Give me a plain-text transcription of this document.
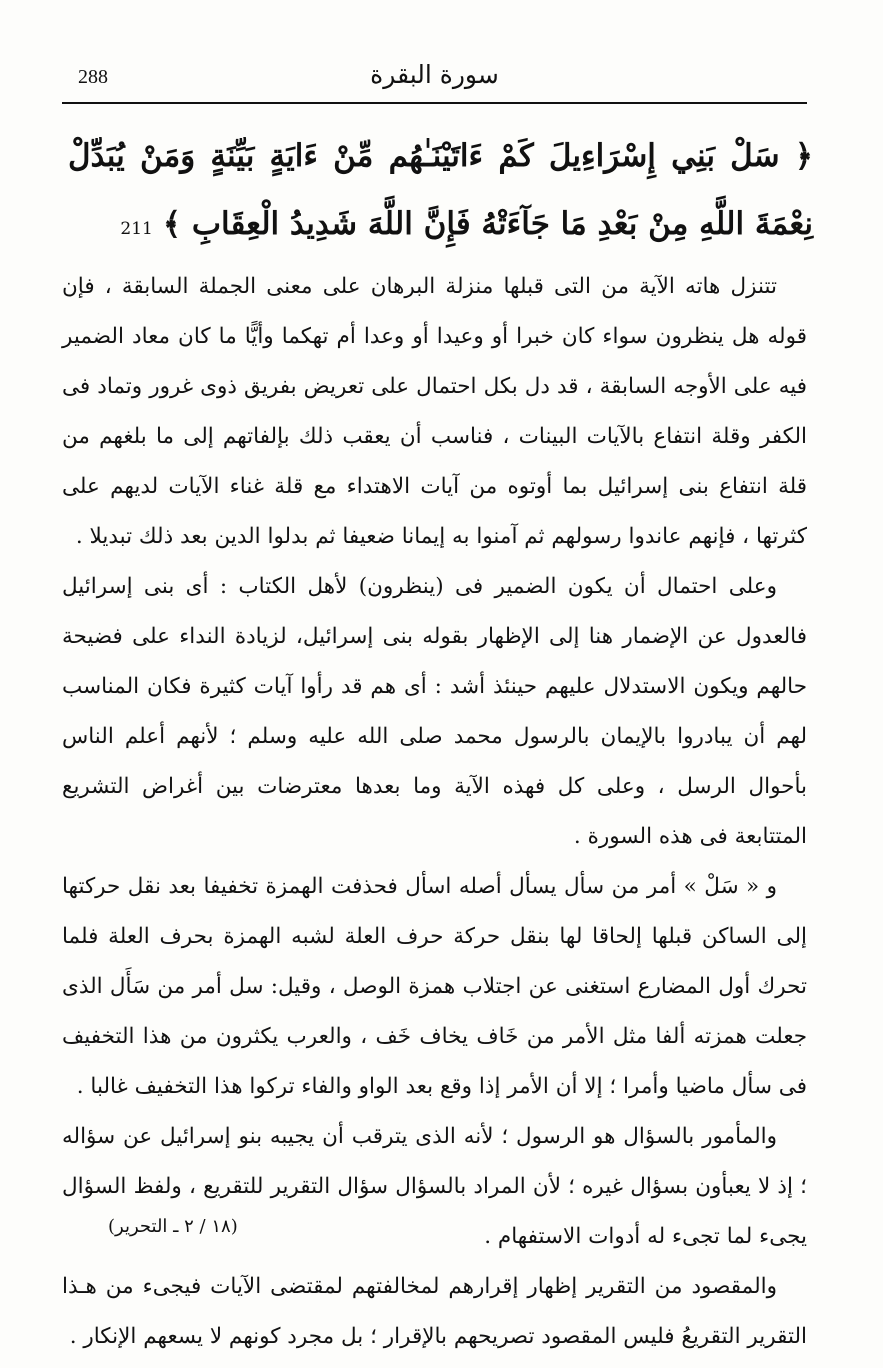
288	سورة البقرة
﴿ سَلْ بَنِي إِسْرَاءِيلَ كَمْ ءَاتَيْنَـٰهُم مِّنْ ءَايَةٍ بَيِّنَةٍ وَمَنْ يُبَدِّلْ نِعْمَةَ اللَّهِ مِنْ بَعْدِ مَا جَآءَتْهُ فَإِنَّ اللَّهَ شَدِيدُ الْعِقَابِ ﴾211

تتنزل هاته الآية من التى قبلها منزلة البرهان على معنى الجملة السابقة ، فإن قوله هل ينظرون سواء كان خبرا أو وعيدا أو وعدا أم تهكما وأيًّا ما كان معاد الضمير فيه على الأوجه السابقة ، قد دل بكل احتمال على تعريض بفريق ذوى غرور وتماد فى الكفر وقلة انتفاع بالآيات البينات ، فناسب أن يعقب ذلك بإلفاتهم إلى ما بلغهم من قلة انتفاع بنى إسرائيل بما أوتوه من آيات الاهتداء مع قلة غناء الآيات لديهم على كثرتها ، فإنهم عاندوا رسولهم ثم آمنوا به إيمانا ضعيفا ثم بدلوا الدين بعد ذلك تبديلا .

وعلى احتمال أن يكون الضمير فى (ينظرون) لأهل الكتاب : أى بنى إسرائيل فالعدول عن الإضمار هنا إلى الإظهار بقوله بنى إسرائيل، لزيادة النداء على فضيحة حالهم ويكون الاستدلال عليهم حينئذ أشد : أى هم قد رأوا آيات كثيرة فكان المناسب لهم أن يبادروا بالإيمان بالرسول محمد صلى الله عليه وسلم ؛ لأنهم أعلم الناس بأحوال الرسل ، وعلى كل فهذه الآية وما بعدها معترضات بين أغراض التشريع المتتابعة فى هذه السورة .

و « سَلْ » أمر من سأل يسأل أصله اسأل فحذفت الهمزة تخفيفا بعد نقل حركتها إلى الساكن قبلها إلحاقا لها بنقل حركة حرف العلة لشبه الهمزة بحرف العلة فلما تحرك أول المضارع استغنى عن اجتلاب همزة الوصل ، وقيل: سل أمر من سَأَل الذى جعلت همزته ألفا مثل الأمر من خَاف يخاف خَف ، والعرب يكثرون من هذا التخفيف فى سأل ماضيا وأمرا ؛ إلا أن الأمر إذا وقع بعد الواو والفاء تركوا هذا التخفيف غالبا .

والمأمور بالسؤال هو الرسول ؛ لأنه الذى يترقب أن يجيبه بنو إسرائيل عن سؤاله ؛ إذ لا يعبأون بسؤال غيره ؛ لأن المراد بالسؤال سؤال التقرير للتقريع ، ولفظ السؤال يجىء لما تجىء له أدوات الاستفهام .

والمقصود من التقرير إظهار إقرارهم لمخالفتهم لمقتضى الآيات فيجىء من هـذا التقرير التقريعُ فليس المقصود تصريحهم بالإقرار ؛ بل مجرد كونهم لا يسعهم الإنكار .

(١٨ / ٢ ـ التحرير)
